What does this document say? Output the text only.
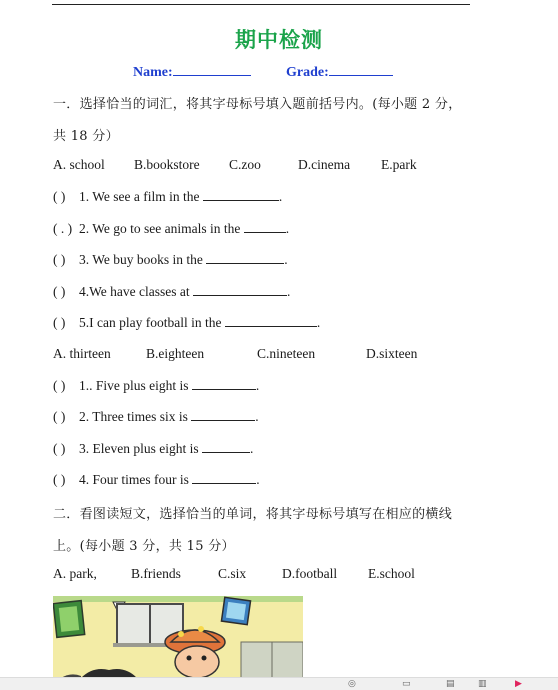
期中检测
Name:	Grade:
一．选择恰当的词汇，将其字母标号填入题前括号内。(每小题 2 分，
共 18 分）
A. school B.bookstore C.zoo	D.cinema E.park
( ) 1. We see a film in the	.
( . ) 2. We go to see animals in the	.
( ) 3. We buy books in the	.
( ) 4.We have classes at	.
( ) 5.I can play football in the	.
A. thirteen	B.eighteen	C.nineteen	D.sixteen
( ) 1.. Five plus eight is	.
( ) 2. Three times six is	.
( ) 3. Eleven plus eight is	.
( ) 4. Four times four is	.
二．看图读短文，选择恰当的单词，将其字母标号填写在相应的横线
上。(每小题 3 分，共 15 分）
A. park,	B.friends	C.six	D.football E.school
◎	▭	▤	▥	▶
